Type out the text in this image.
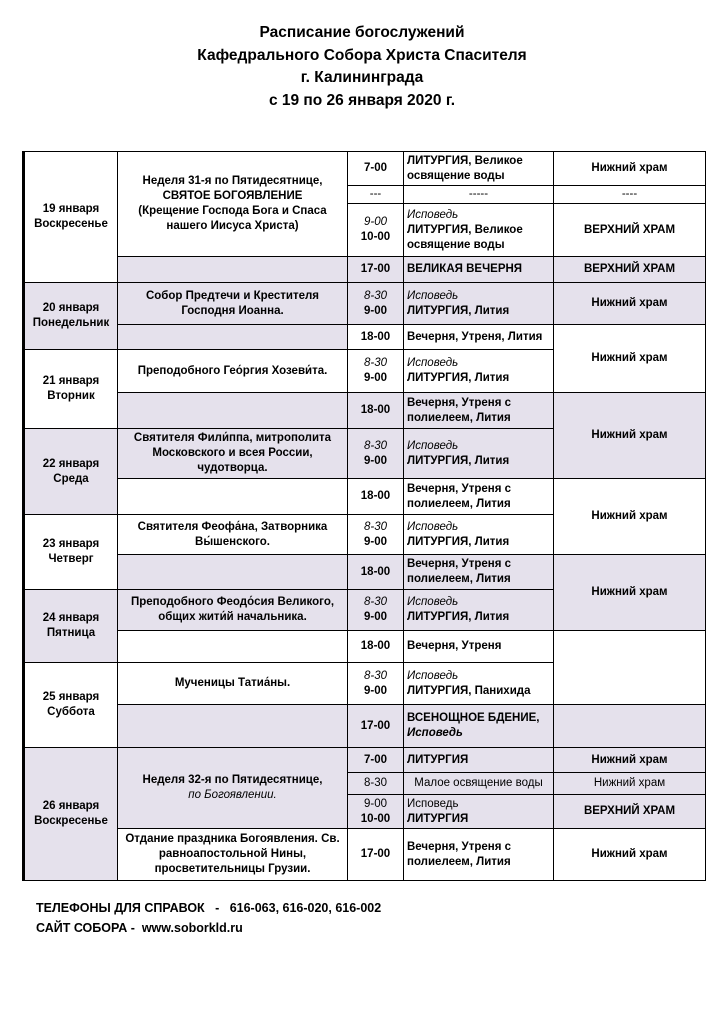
Расписание богослужений
Кафедрального Собора Христа Спасителя
г. Калининграда
с 19 по 26 января 2020 г.
19 января
Воскресенье	Неделя 31-я по Пятидесятнице,
СВЯТОЕ БОГОЯВЛЕНИЕ
(Крещение Господа Бога и Спаса нашего Иисуса Христа)	7-00	ЛИТУРГИЯ, Великое освящение воды	Нижний храм
		---	-----	----

		9-00
10-00	Исповедь
ЛИТУРГИЯ, Великое освящение воды	ВЕРХНИЙ ХРАМ

		17-00	ВЕЛИКАЯ ВЕЧЕРНЯ	ВЕРХНИЙ ХРАМ
20 января
Понедельник	Собор Предтечи и Крестителя Господня Иоанна.	8-30
9-00	Исповедь
ЛИТУРГИЯ, Лития	Нижний храм

		18-00	Вечерня, Утреня, Лития	Нижний храм
21 января
Вторник	Преподобного Гео́ргия Хозеви́та.	8-30
9-00	Исповедь
ЛИТУРГИЯ, Лития	

		18-00	Вечерня, Утреня с полиелеем, Лития	Нижний храм
22 января
Среда	Святителя Фили́ппа, митрополита Московского и всея России, чудотворца.	8-30
9-00	Исповедь
ЛИТУРГИЯ, Лития	

		18-00	Вечерня, Утреня с полиелеем, Лития	Нижний храм
23 января
Четверг	Святителя Феофа́на, Затворника Вы́шенского.	8-30
9-00	Исповедь
ЛИТУРГИЯ, Лития	

		18-00	Вечерня, Утреня с полиелеем, Лития	Нижний храм
24 января
Пятница	Преподобного Феодо́сия Великого, общих жити́й начальника.	8-30
9-00	Исповедь
ЛИТУРГИЯ, Лития	

		18-00	Вечерня, Утреня	

25 января
Суббота	Мученицы Татиа́ны.	8-30
9-00	Исповедь
ЛИТУРГИЯ, Панихида	

		17-00	ВСЕНОЩНОЕ БДЕНИЕ,
Исповедь	

26 января
Воскресенье	Неделя 32-я по Пятидесятнице,
по Богоявлении.	7-00	ЛИТУРГИЯ	Нижний храм

		8-30	Малое освящение воды	Нижний храм

		9-00
10-00	Исповедь
ЛИТУРГИЯ	ВЕРХНИЙ ХРАМ
	Отдание праздника Богоявления. Св. равноапостольной Нины, просветительницы Грузии.	17-00	Вечерня, Утреня с полиелеем, Лития	Нижний храм
ТЕЛЕФОНЫ ДЛЯ СПРАВОК   -   616-063, 616-020, 616-002
САЙТ СОБОРА -  www.soborkld.ru
